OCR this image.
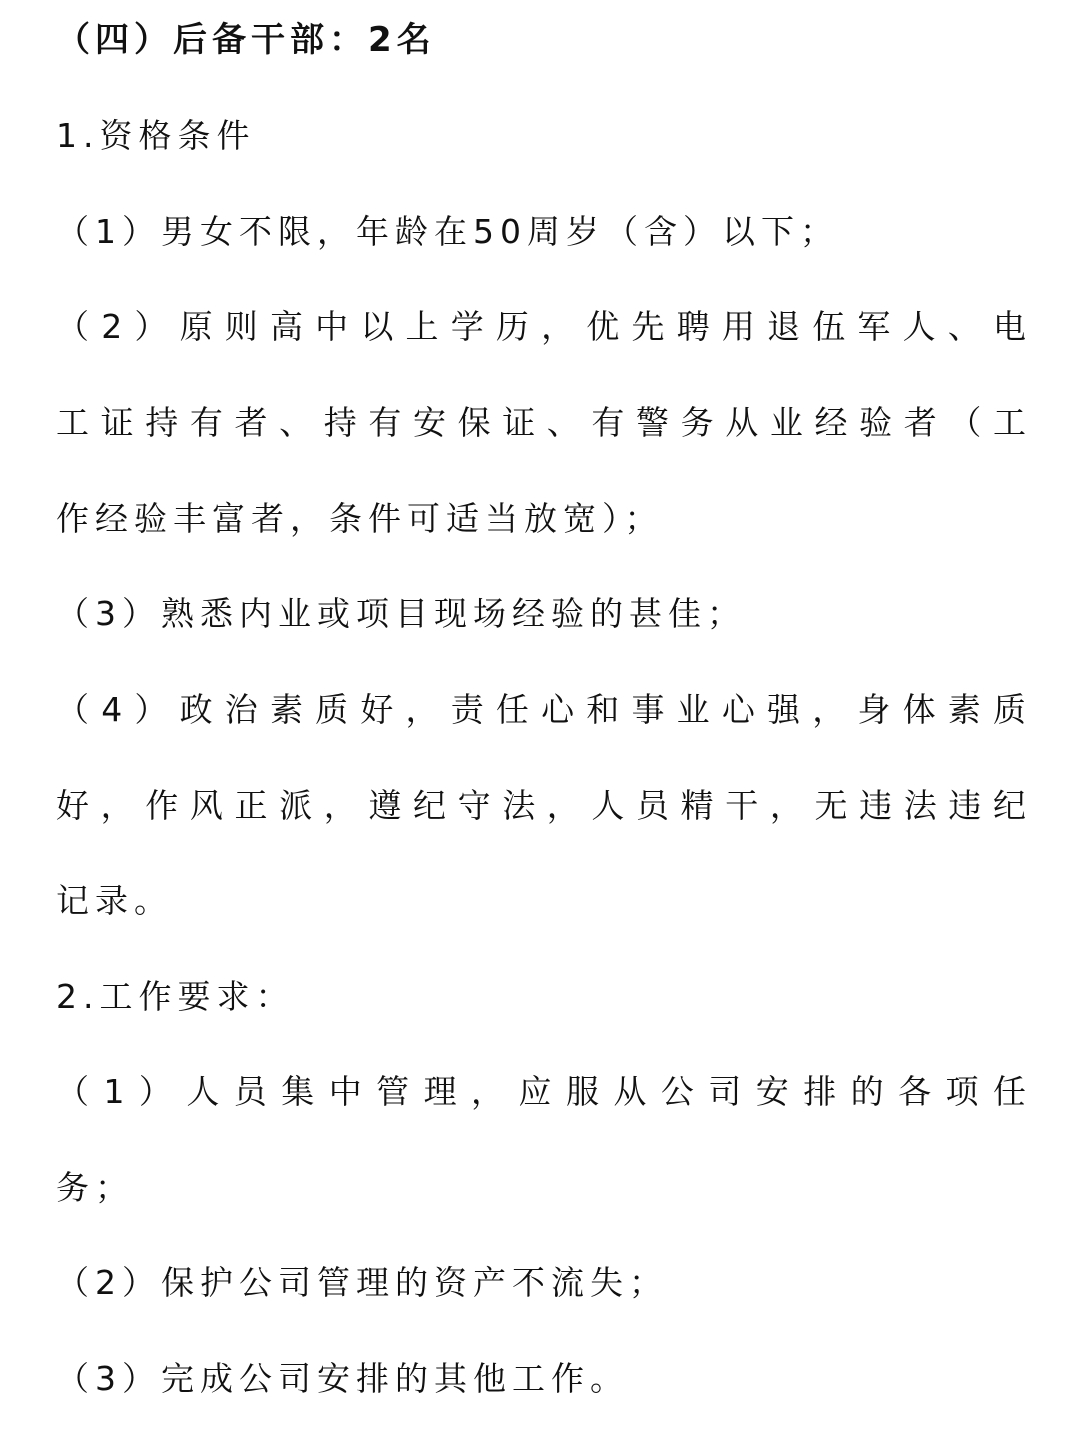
（四）后备干部：2名
1.资格条件
（1）男女不限，年龄在50周岁（含）以下；
（2）原则高中以上学历，优先聘用退伍军人、电
工证持有者、持有安保证、有警务从业经验者（工
作经验丰富者，条件可适当放宽）；
（3）熟悉内业或项目现场经验的甚佳；
（4）政治素质好，责任心和事业心强，身体素质
好，作风正派，遵纪守法，人员精干，无违法违纪
记录。
2.工作要求：
（1）人员集中管理，应服从公司安排的各项任
务；
（2）保护公司管理的资产不流失；
（3）完成公司安排的其他工作。
